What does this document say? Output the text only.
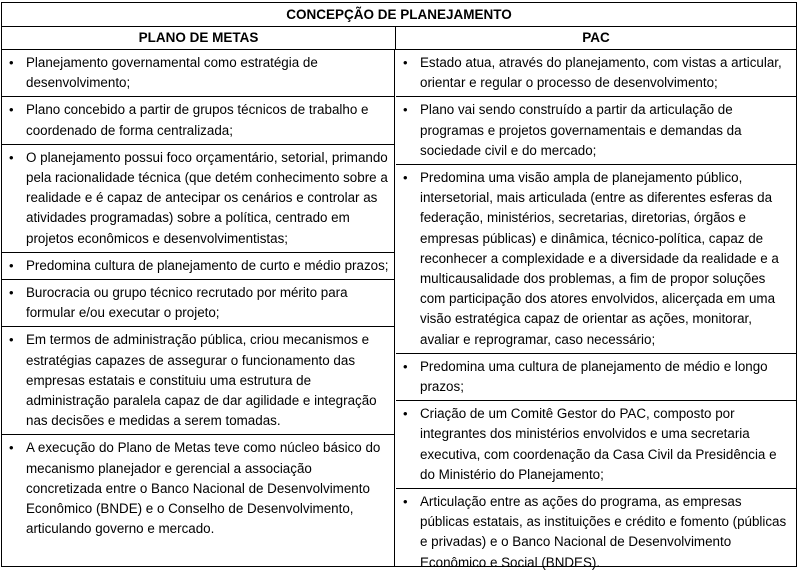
CONCEPÇÃO DE PLANEJAMENTO
PLANO DE METAS	PAC
• Planejamento governamental como estratégia de desenvolvimento;
• Plano concebido a partir de grupos técnicos de trabalho e coordenado de forma centralizada;
• O planejamento possui foco orçamentário, setorial, primando pela racionalidade técnica (que detém conhecimento sobre a realidade e é capaz de antecipar os cenários e controlar as atividades programadas) sobre a política, centrado em projetos econômicos e desenvolvimentistas;
• Predomina cultura de planejamento de curto e médio prazos;
• Burocracia ou grupo técnico recrutado por mérito para formular e/ou executar o projeto;
• Em termos de administração pública, criou mecanismos e estratégias capazes de assegurar o funcionamento das empresas estatais e constituiu uma estrutura de administração paralela capaz de dar agilidade e integração nas decisões e medidas a serem tomadas.
• A execução do Plano de Metas teve como núcleo básico do mecanismo planejador e gerencial a associação concretizada entre o Banco Nacional de Desenvolvimento Econômico (BNDE) e o Conselho de Desenvolvimento, articulando governo e mercado.
• Estado atua, através do planejamento, com vistas a articular, orientar e regular o processo de desenvolvimento;
• Plano vai sendo construído a partir da articulação de programas e projetos governamentais e demandas da sociedade civil e do mercado;
• Predomina uma visão ampla de planejamento público, intersetorial, mais articulada (entre as diferentes esferas da federação, ministérios, secretarias, diretorias, órgãos e empresas públicas) e dinâmica, técnico-política, capaz de reconhecer a complexidade e a diversidade da realidade e a multicausalidade dos problemas, a fim de propor soluções com participação dos atores envolvidos, alicerçada em uma visão estratégica capaz de orientar as ações, monitorar, avaliar e reprogramar, caso necessário;
• Predomina uma cultura de planejamento de médio e longo prazos;
• Criação de um Comitê Gestor do PAC, composto por integrantes dos ministérios envolvidos e uma secretaria executiva, com coordenação da Casa Civil da Presidência e do Ministério do Planejamento;
• Articulação entre as ações do programa, as empresas públicas estatais, as instituições e crédito e fomento (públicas e privadas) e o Banco Nacional de Desenvolvimento Econômico e Social (BNDES).
